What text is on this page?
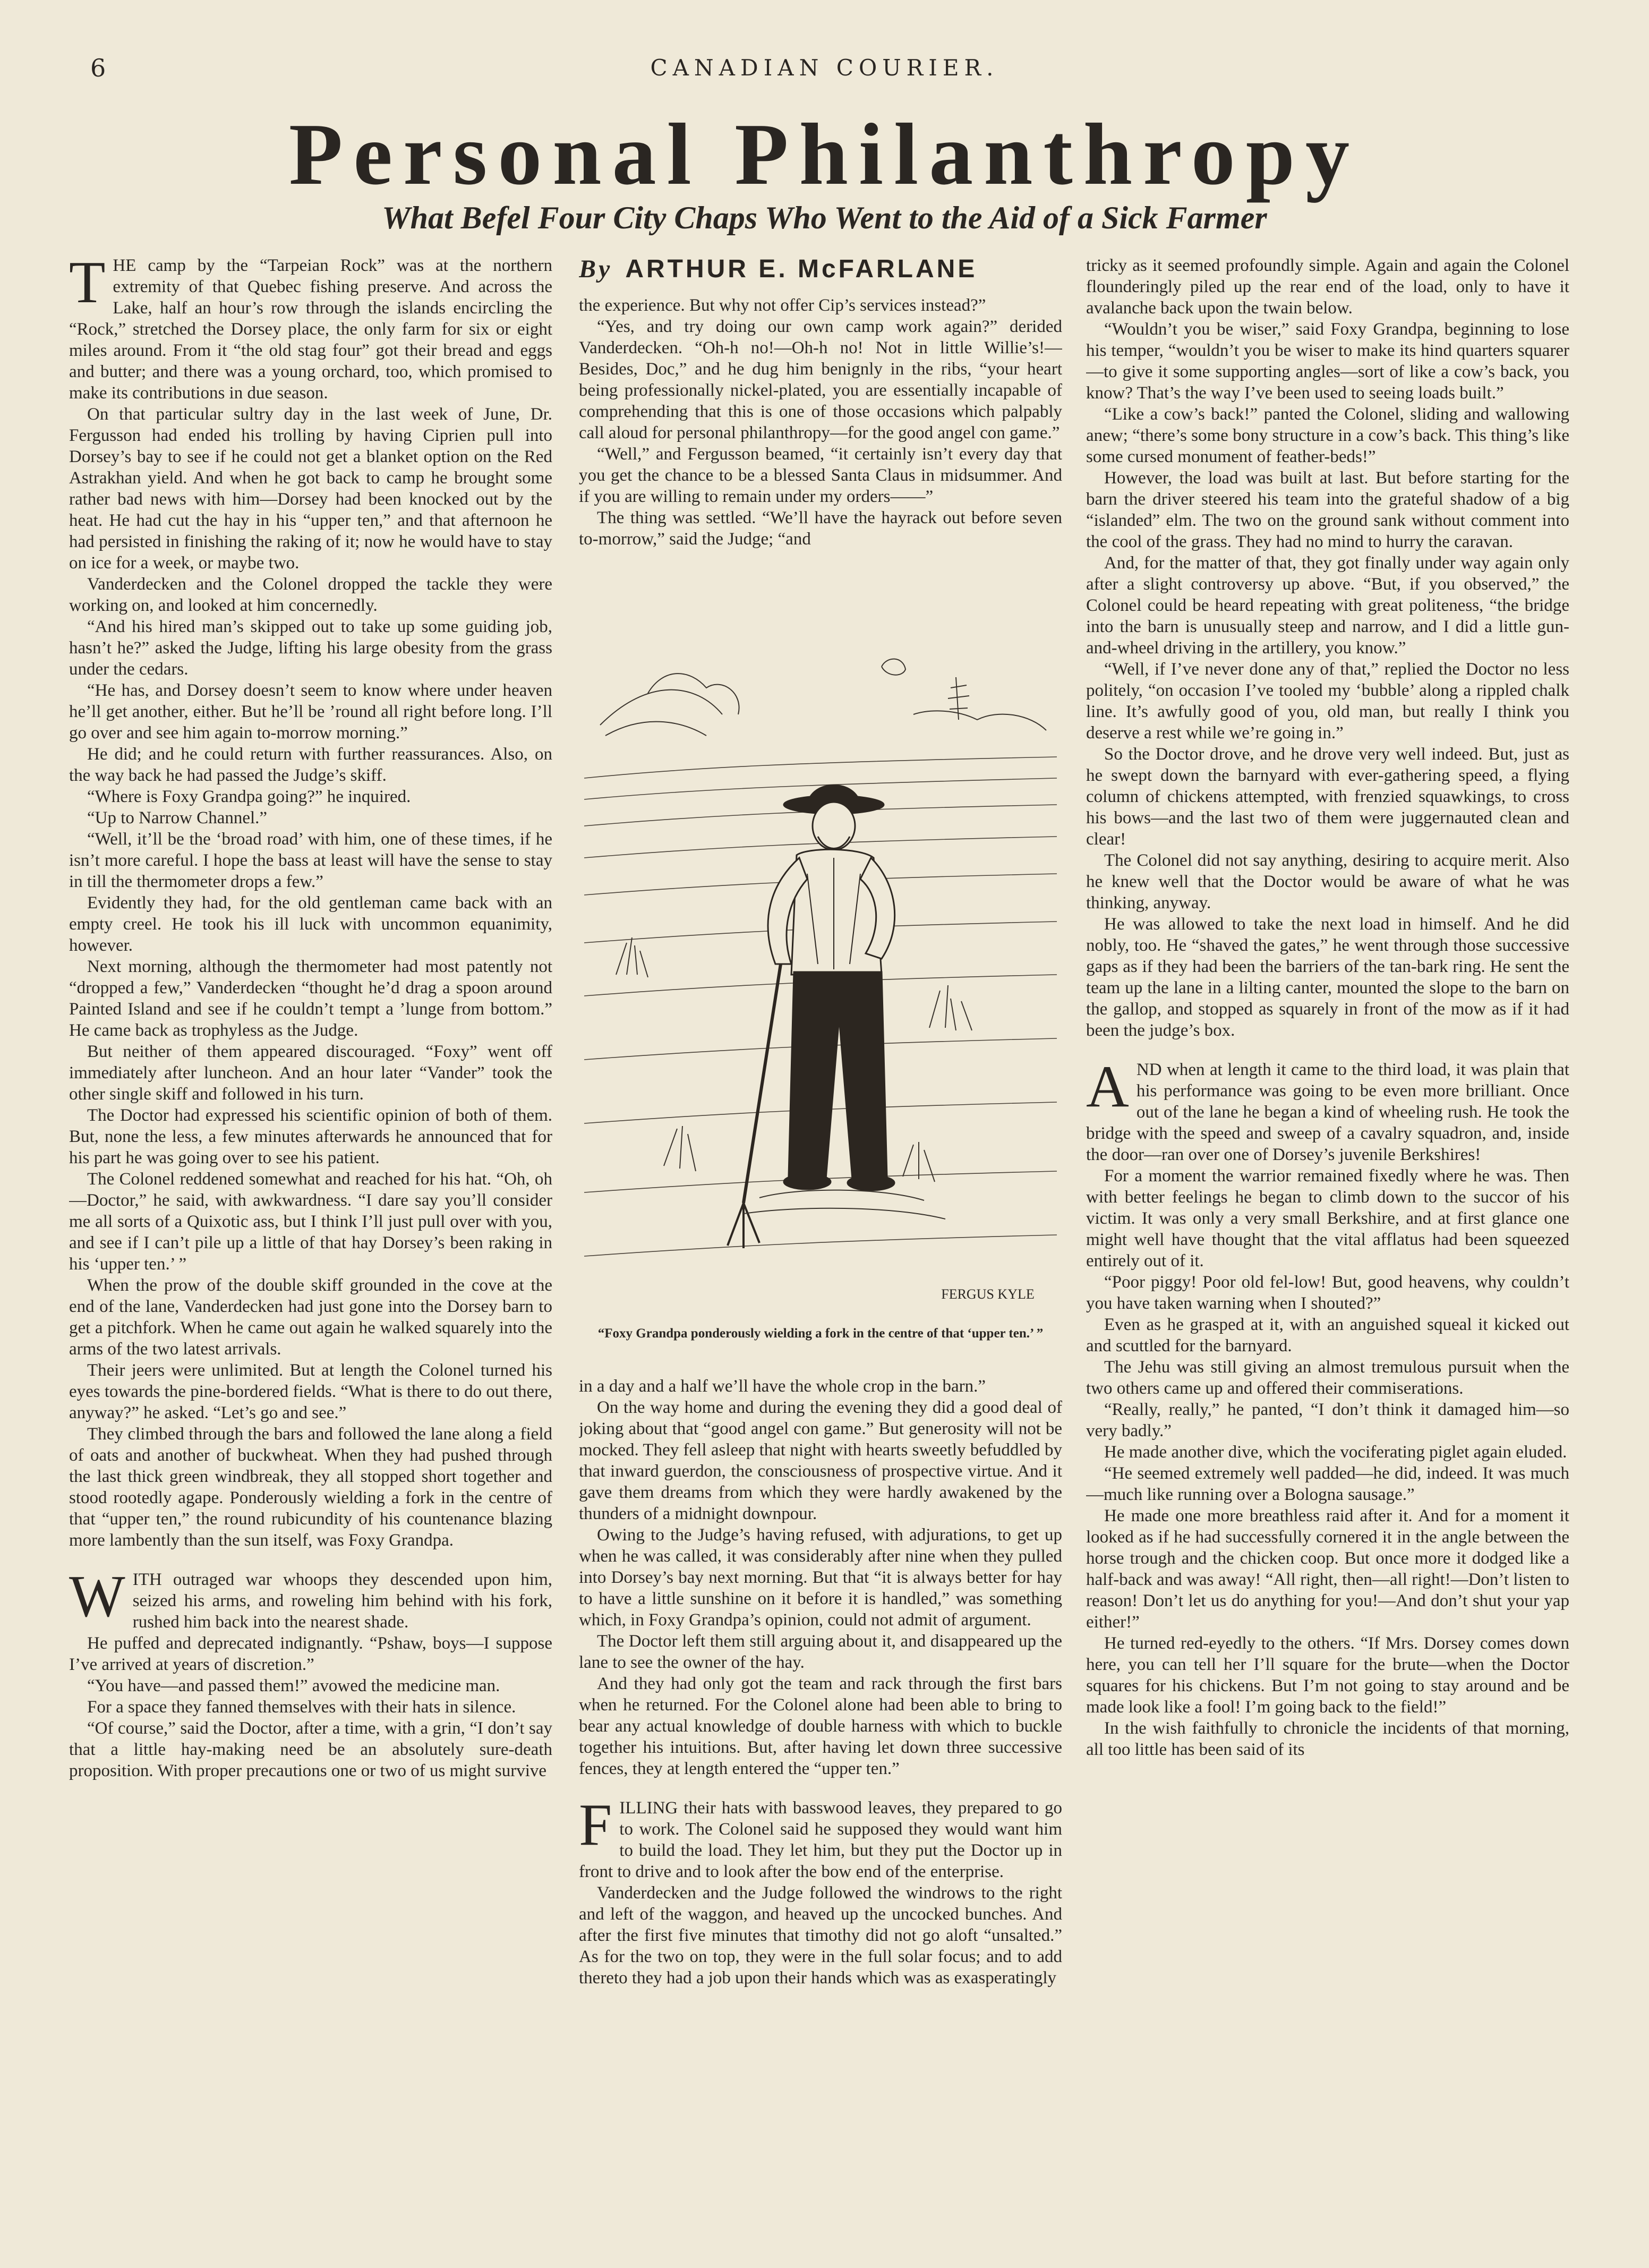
6	CANADIAN COURIER.
Personal Philanthropy
What Befel Four City Chaps Who Went to the Aid of a Sick Farmer
By ARTHUR E. McFARLANE
T HE camp by the “Tarpeian Rock” was at the northern extremity of that Quebec fishing preserve. And across the Lake, half an hour’s row through the islands encircling the “Rock,” stretched the Dorsey place, the only farm for six or eight miles around. From it “the old stag four” got their bread and eggs and butter; and there was a young orchard, too, which promised to make its contributions in due season.

On that particular sultry day in the last week of June, Dr. Fergusson had ended his trolling by having Ciprien pull into Dorsey’s bay to see if he could not get a blanket option on the Red Astrakhan yield. And when he got back to camp he brought some rather bad news with him—Dorsey had been knocked out by the heat. He had cut the hay in his “upper ten,” and that afternoon he had persisted in finishing the raking of it; now he would have to stay on ice for a week, or maybe two.

Vanderdecken and the Colonel dropped the tackle they were working on, and looked at him concernedly.

“And his hired man’s skipped out to take up some guiding job, hasn’t he?” asked the Judge, lifting his large obesity from the grass under the cedars.

“He has, and Dorsey doesn’t seem to know where under heaven he’ll get another, either. But he’ll be ’round all right before long. I’ll go over and see him again to-morrow morning.”

He did; and he could return with further reassurances. Also, on the way back he had passed the Judge’s skiff.

“Where is Foxy Grandpa going?” he inquired.

“Up to Narrow Channel.”

“Well, it’ll be the ‘broad road’ with him, one of these times, if he isn’t more careful. I hope the bass at least will have the sense to stay in till the thermometer drops a few.”

Evidently they had, for the old gentleman came back with an empty creel. He took his ill luck with uncommon equanimity, however.

Next morning, although the thermometer had most patently not “dropped a few,” Vanderdecken “thought he’d drag a spoon around Painted Island and see if he couldn’t tempt a ’lunge from bottom.” He came back as trophyless as the Judge.

But neither of them appeared discouraged. “Foxy” went off immediately after luncheon. And an hour later “Vander” took the other single skiff and followed in his turn.

The Doctor had expressed his scientific opinion of both of them. But, none the less, a few minutes afterwards he announced that for his part he was going over to see his patient.

The Colonel reddened somewhat and reached for his hat. “Oh, oh—Doctor,” he said, with awkwardness. “I dare say you’ll consider me all sorts of a Quixotic ass, but I think I’ll just pull over with you, and see if I can’t pile up a little of that hay Dorsey’s been raking in his ‘upper ten.’ ”

When the prow of the double skiff grounded in the cove at the end of the lane, Vanderdecken had just gone into the Dorsey barn to get a pitchfork. When he came out again he walked squarely into the arms of the two latest arrivals.

Their jeers were unlimited. But at length the Colonel turned his eyes towards the pine-bordered fields. “What is there to do out there, anyway?” he asked. “Let’s go and see.”

They climbed through the bars and followed the lane along a field of oats and another of buckwheat. When they had pushed through the last thick green windbreak, they all stopped short together and stood rootedly agape. Ponderously wielding a fork in the centre of that “upper ten,” the round rubicundity of his countenance blazing more lambently than the sun itself, was Foxy Grandpa.

W ITH outraged war whoops they descended upon him, seized his arms, and roweling him behind with his fork, rushed him back into the nearest shade.

He puffed and deprecated indignantly. “Pshaw, boys—I suppose I’ve arrived at years of discretion.”

“You have—and passed them!” avowed the medicine man.

For a space they fanned themselves with their hats in silence.

“Of course,” said the Doctor, after a time, with a grin, “I don’t say that a little hay-making need be an absolutely sure-death proposition. With proper precautions one or two of us might survive

the experience. But why not offer Cip’s services instead?”

“Yes, and try doing our own camp work again?” derided Vanderdecken. “Oh-h no!—Oh-h no! Not in little Willie’s!—Besides, Doc,” and he dug him benignly in the ribs, “your heart being professionally nickel-plated, you are essentially incapable of comprehending that this is one of those occasions which palpably call aloud for personal philanthropy—for the good angel con game.”

“Well,” and Fergusson beamed, “it certainly isn’t every day that you get the chance to be a blessed Santa Claus in midsummer. And if you are willing to remain under my orders——”

The thing was settled. “We’ll have the hayrack out before seven to-morrow,” said the Judge; “and

FERGUS KYLE
“Foxy Grandpa ponderously wielding a fork in the centre of that ‘upper ten.’ ”

in a day and a half we’ll have the whole crop in the barn.”

On the way home and during the evening they did a good deal of joking about that “good angel con game.” But generosity will not be mocked. They fell asleep that night with hearts sweetly befuddled by that inward guerdon, the consciousness of prospective virtue. And it gave them dreams from which they were hardly awakened by the thunders of a midnight downpour.

Owing to the Judge’s having refused, with adjurations, to get up when he was called, it was considerably after nine when they pulled into Dorsey’s bay next morning. But that “it is always better for hay to have a little sunshine on it before it is handled,” was something which, in Foxy Grandpa’s opinion, could not admit of argument.

The Doctor left them still arguing about it, and disappeared up the lane to see the owner of the hay.

And they had only got the team and rack through the first bars when he returned. For the Colonel alone had been able to bring to bear any actual knowledge of double harness with which to buckle together his intuitions. But, after having let down three successive fences, they at length entered the “upper ten.”

F ILLING their hats with basswood leaves, they prepared to go to work. The Colonel said he supposed they would want him to build the load. They let him, but they put the Doctor up in front to drive and to look after the bow end of the enterprise.

Vanderdecken and the Judge followed the windrows to the right and left of the waggon, and heaved up the uncocked bunches. And after the first five minutes that timothy did not go aloft “unsalted.” As for the two on top, they were in the full solar focus; and to add thereto they had a job upon their hands which was as exasperatingly

tricky as it seemed profoundly simple. Again and again the Colonel flounderingly piled up the rear end of the load, only to have it avalanche back upon the twain below.

“Wouldn’t you be wiser,” said Foxy Grandpa, beginning to lose his temper, “wouldn’t you be wiser to make its hind quarters squarer—to give it some supporting angles—sort of like a cow’s back, you know? That’s the way I’ve been used to seeing loads built.”

“Like a cow’s back!” panted the Colonel, sliding and wallowing anew; “there’s some bony structure in a cow’s back. This thing’s like some cursed monument of feather-beds!”

However, the load was built at last. But before starting for the barn the driver steered his team into the grateful shadow of a big “islanded” elm. The two on the ground sank without comment into the cool of the grass. They had no mind to hurry the caravan.

And, for the matter of that, they got finally under way again only after a slight controversy up above. “But, if you observed,” the Colonel could be heard repeating with great politeness, “the bridge into the barn is unusually steep and narrow, and I did a little gun-and-wheel driving in the artillery, you know.”

“Well, if I’ve never done any of that,” replied the Doctor no less politely, “on occasion I’ve tooled my ‘bubble’ along a rippled chalk line. It’s awfully good of you, old man, but really I think you deserve a rest while we’re going in.”

So the Doctor drove, and he drove very well indeed. But, just as he swept down the barnyard with ever-gathering speed, a flying column of chickens attempted, with frenzied squawkings, to cross his bows—and the last two of them were juggernauted clean and clear!

The Colonel did not say anything, desiring to acquire merit. Also he knew well that the Doctor would be aware of what he was thinking, anyway.

He was allowed to take the next load in himself. And he did nobly, too. He “shaved the gates,” he went through those successive gaps as if they had been the barriers of the tan-bark ring. He sent the team up the lane in a lilting canter, mounted the slope to the barn on the gallop, and stopped as squarely in front of the mow as if it had been the judge’s box.

A ND when at length it came to the third load, it was plain that his performance was going to be even more brilliant. Once out of the lane he began a kind of wheeling rush. He took the bridge with the speed and sweep of a cavalry squadron, and, inside the door—ran over one of Dorsey’s juvenile Berkshires!

For a moment the warrior remained fixedly where he was. Then with better feelings he began to climb down to the succor of his victim. It was only a very small Berkshire, and at first glance one might well have thought that the vital afflatus had been squeezed entirely out of it.

“Poor piggy! Poor old fel-low! But, good heavens, why couldn’t you have taken warning when I shouted?”

Even as he grasped at it, with an anguished squeal it kicked out and scuttled for the barnyard.

The Jehu was still giving an almost tremulous pursuit when the two others came up and offered their commiserations.

“Really, really,” he panted, “I don’t think it damaged him—so very badly.”

He made another dive, which the vociferating piglet again eluded.

“He seemed extremely well padded—he did, indeed. It was much—much like running over a Bologna sausage.”

He made one more breathless raid after it. And for a moment it looked as if he had successfully cornered it in the angle between the horse trough and the chicken coop. But once more it dodged like a half-back and was away! “All right, then—all right!—Don’t listen to reason! Don’t let us do anything for you!—And don’t shut your yap either!”

He turned red-eyedly to the others. “If Mrs. Dorsey comes down here, you can tell her I’ll square for the brute—when the Doctor squares for his chickens. But I’m not going to stay around and be made look like a fool! I’m going back to the field!”

In the wish faithfully to chronicle the incidents of that morning, all too little has been said of its
